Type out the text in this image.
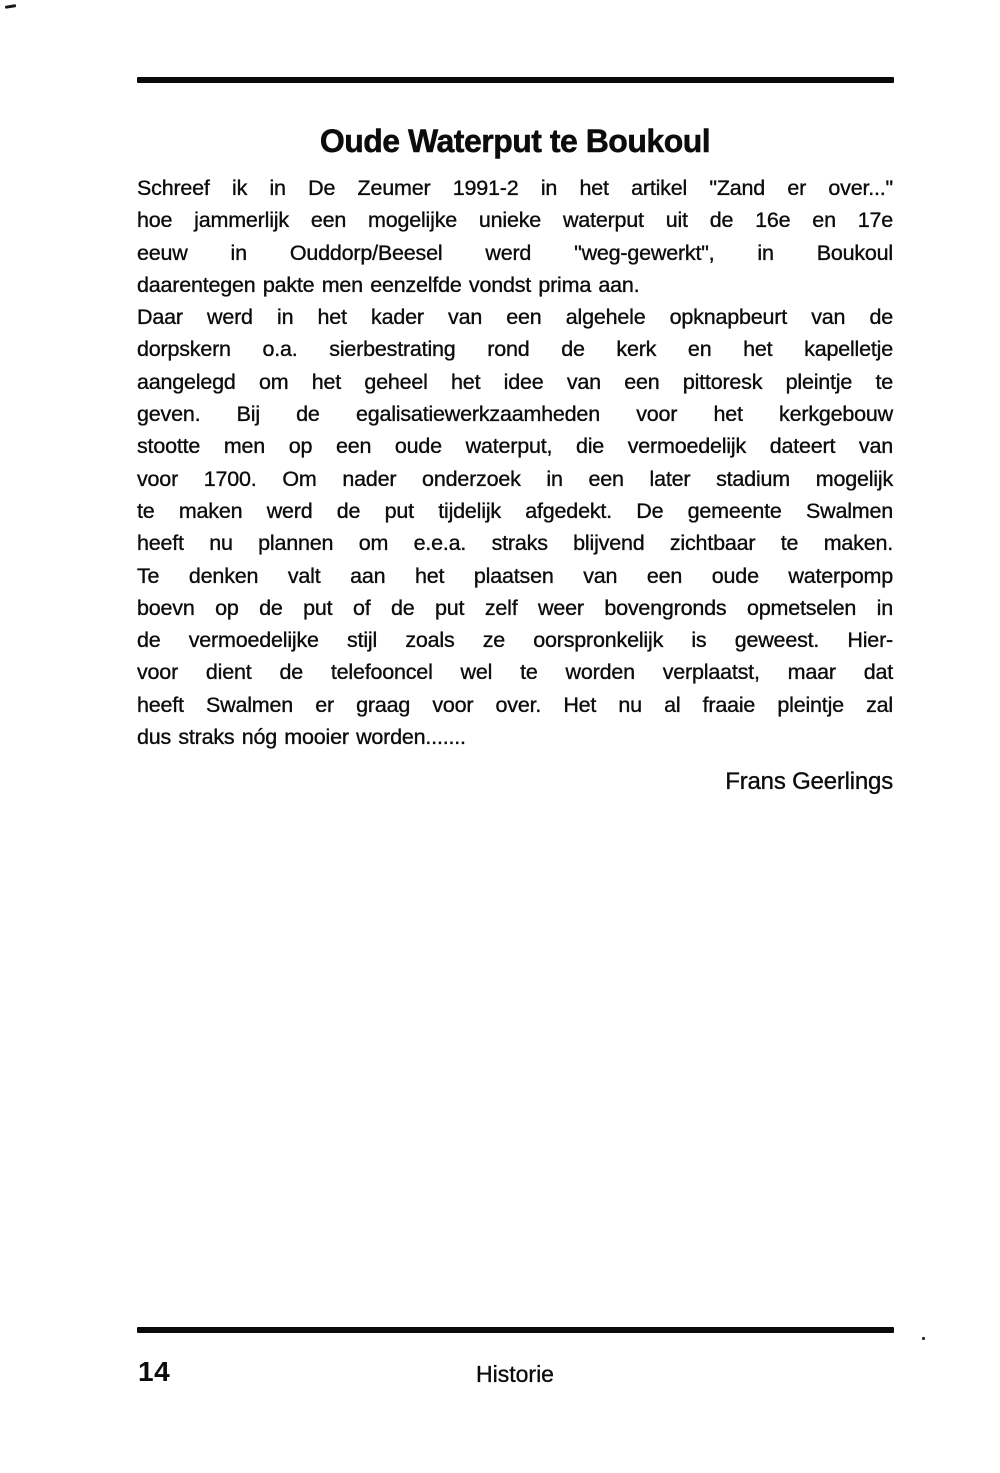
Oude Waterput te Boukoul
Schreef ik in De Zeumer 1991-2 in het artikel "Zand er over..."
hoe jammerlijk een mogelijke unieke waterput uit de 16e en 17e
eeuw in Ouddorp/Beesel werd "weg-gewerkt", in Boukoul
daarentegen pakte men eenzelfde vondst prima aan.
Daar werd in het kader van een algehele opknapbeurt van de
dorpskern o.a. sierbestrating rond de kerk en het kapelletje
aangelegd om het geheel het idee van een pittoresk pleintje te
geven. Bij de egalisatiewerkzaamheden voor het kerkgebouw
stootte men op een oude waterput, die vermoedelijk dateert van
voor 1700. Om nader onderzoek in een later stadium mogelijk
te maken werd de put tijdelijk afgedekt. De gemeente Swalmen
heeft nu plannen om e.e.a. straks blijvend zichtbaar te maken.
Te denken valt aan het plaatsen van een oude waterpomp
boevn op de put of de put zelf weer bovengronds opmetselen in
de vermoedelijke stijl zoals ze oorspronkelijk is geweest. Hier-
voor dient de telefooncel wel te worden verplaatst, maar dat
heeft Swalmen er graag voor over. Het nu al fraaie pleintje zal
dus straks nóg mooier worden.......
Frans Geerlings
14	Historie
